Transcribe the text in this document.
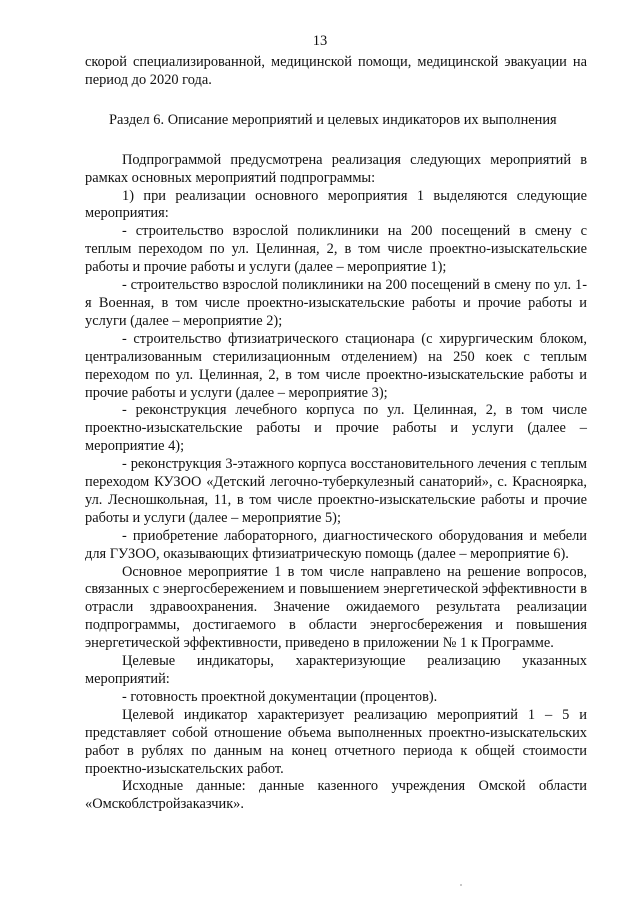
13

скорой специализированной, медицинской помощи, медицинской эвакуации на период до 2020 года.

Раздел 6. Описание мероприятий и целевых индикаторов их выполнения

Подпрограммой предусмотрена реализация следующих мероприятий в рамках основных мероприятий подпрограммы:

1) при реализации основного мероприятия 1 выделяются следующие мероприятия:

- строительство взрослой поликлиники на 200 посещений в смену с теплым переходом по ул. Целинная, 2, в том числе проектно-изыскательские работы и прочие работы и услуги (далее – мероприятие 1);

- строительство взрослой поликлиники на 200 посещений в смену по ул. 1-я Военная, в том числе проектно-изыскательские работы и прочие работы и услуги (далее – мероприятие 2);

- строительство фтизиатрического стационара (с хирургическим блоком, централизованным стерилизационным отделением) на 250 коек с теплым переходом по ул. Целинная, 2, в том числе проектно-изыскательские работы и прочие работы и услуги (далее – мероприятие 3);

- реконструкция лечебного корпуса по ул. Целинная, 2, в том числе проектно-изыскательские работы и прочие работы и услуги (далее – мероприятие 4);

- реконструкция 3-этажного корпуса восстановительного лечения с теплым переходом КУЗОО «Детский легочно-туберкулезный санаторий», с. Красноярка, ул. Лесношкольная, 11, в том числе проектно-изыскательские работы и прочие работы и услуги (далее – мероприятие 5);

- приобретение лабораторного, диагностического оборудования и мебели для ГУЗОО, оказывающих фтизиатрическую помощь (далее – мероприятие 6).

Основное мероприятие 1 в том числе направлено на решение вопросов, связанных с энергосбережением и повышением энергетической эффективности в отрасли здравоохранения. Значение ожидаемого результата реализации подпрограммы, достигаемого в области энергосбережения и повышения энергетической эффективности, приведено в приложении № 1 к Программе.

Целевые индикаторы, характеризующие реализацию указанных мероприятий:

- готовность проектной документации (процентов).

Целевой индикатор характеризует реализацию мероприятий 1 – 5 и представляет собой отношение объема выполненных проектно-изыскательских работ в рублях по данным на конец отчетного периода к общей стоимости проектно-изыскательских работ.

Исходные данные: данные казенного учреждения Омской области «Омскоблстройзаказчик».
